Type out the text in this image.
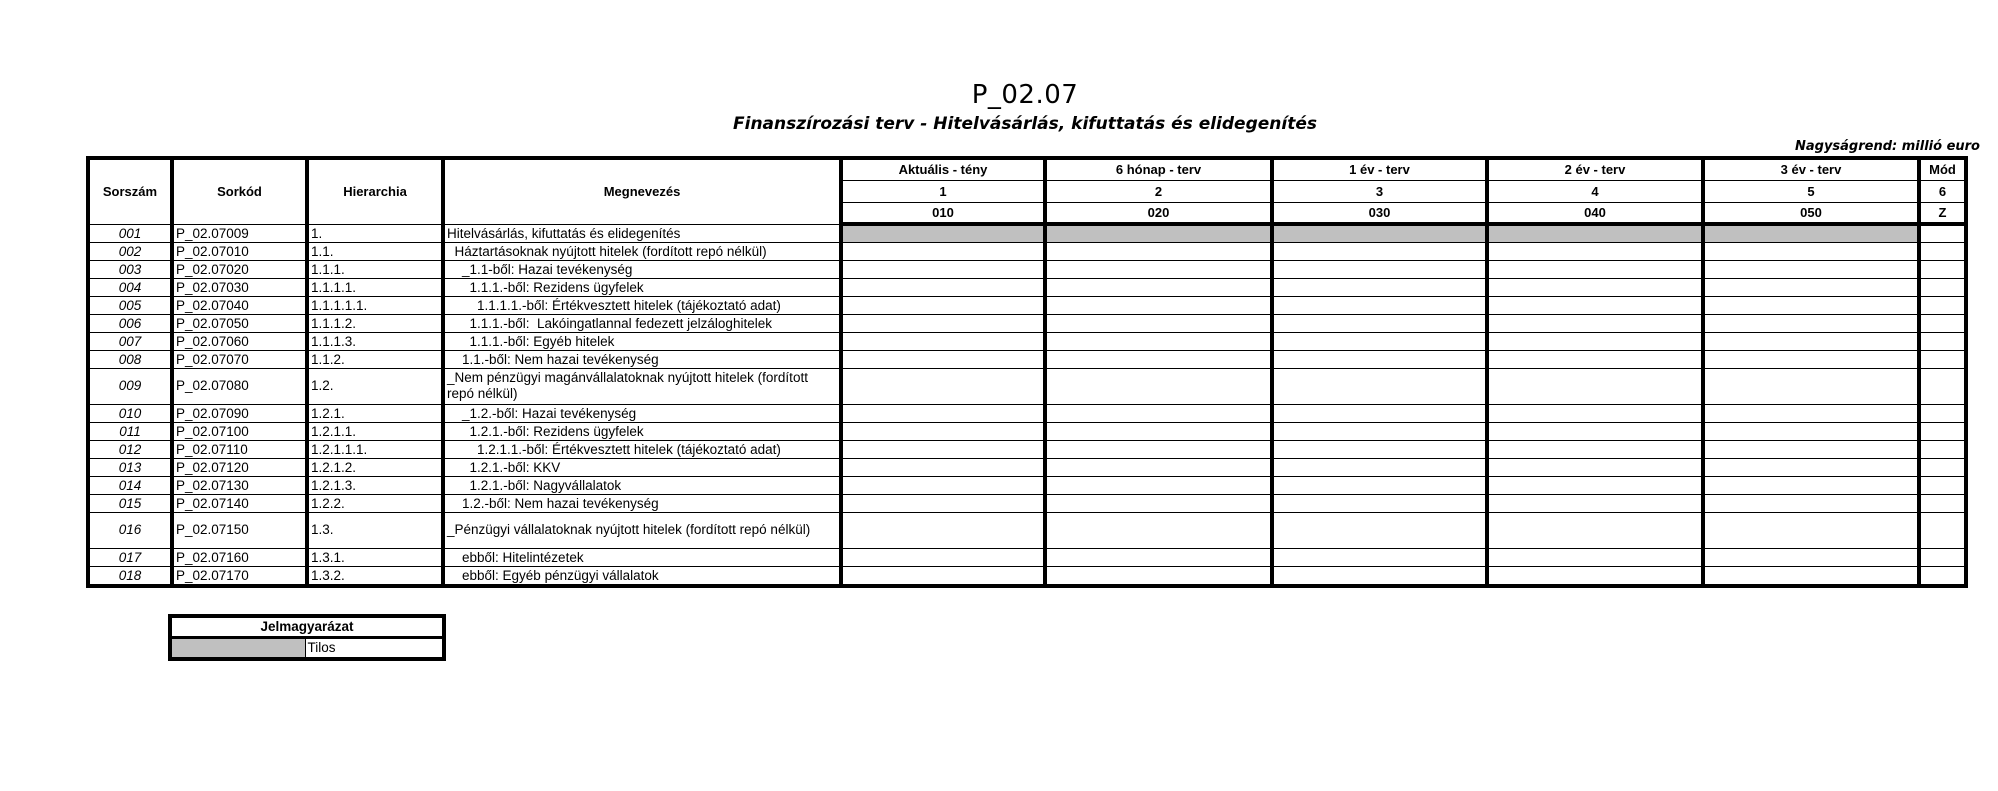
P_02.07
Finanszírozási terv - Hitelvásárlás, kifuttatás és elidegenítés
Nagyságrend: millió euro
Sorszám	Sorkód	Hierarchia	Megnevezés	Aktuális - tény	6 hónap - terv	1 év - terv	2 év - terv	3 év - terv	Mód
				1	2	3	4	5	6
				010	020	030	040	050	Z
001	P_02.07009	1.	Hitelvásárlás, kifuttatás és elidegenítés						
002	P_02.07010	1.1.	Háztartásoknak nyújtott hitelek (fordított repó nélkül)						
003	P_02.07020	1.1.1.	_1.1-ből: Hazai tevékenység						
004	P_02.07030	1.1.1.1.	1.1.1.-ből: Rezidens ügyfelek						
005	P_02.07040	1.1.1.1.1.	1.1.1.1.-ből: Értékvesztett hitelek (tájékoztató adat)						
006	P_02.07050	1.1.1.2.	1.1.1.-ből:  Lakóingatlannal fedezett jelzáloghitelek						
007	P_02.07060	1.1.1.3.	1.1.1.-ből: Egyéb hitelek						
008	P_02.07070	1.1.2.	1.1.-ből: Nem hazai tevékenység						
009	P_02.07080	1.2.	_Nem pénzügyi magánvállalatoknak nyújtott hitelek (fordított repó nélkül)						
010	P_02.07090	1.2.1.	_1.2.-ből: Hazai tevékenység						
011	P_02.07100	1.2.1.1.	1.2.1.-ből: Rezidens ügyfelek						
012	P_02.07110	1.2.1.1.1.	1.2.1.1.-ből: Értékvesztett hitelek (tájékoztató adat)						
013	P_02.07120	1.2.1.2.	1.2.1.-ből: KKV						
014	P_02.07130	1.2.1.3.	1.2.1.-ből: Nagyvállalatok						
015	P_02.07140	1.2.2.	1.2.-ből: Nem hazai tevékenység						
016	P_02.07150	1.3.	_Pénzügyi vállalatoknak nyújtott hitelek (fordított repó nélkül)						
017	P_02.07160	1.3.1.	ebből: Hitelintézetek						
018	P_02.07170	1.3.2.	ebből: Egyéb pénzügyi vállalatok						
Jelmagyarázat
	Tilos
